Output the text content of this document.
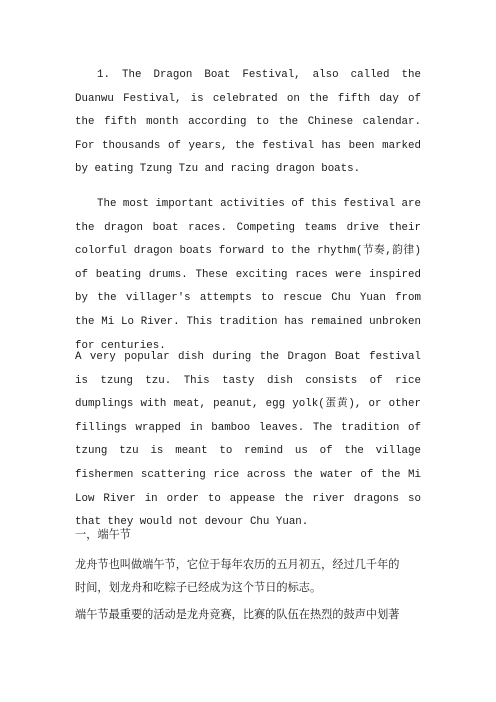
1. The Dragon Boat Festival, also called the Duanwu Festival, is celebrated on the fifth day of the fifth month according to the Chinese calendar. For thousands of years, the festival has been marked by eating Tzung Tzu and racing dragon boats.

The most important activities of this festival are the dragon boat races. Competing teams drive their colorful dragon boats forward to the rhythm(节奏,韵律) of beating drums. These exciting races were inspired by the villager's attempts to rescue Chu Yuan from the Mi Lo River. This tradition has remained unbroken for centuries.

A very popular dish during the Dragon Boat festival is tzung tzu. This tasty dish consists of rice dumplings with meat, peanut, egg yolk(蛋黄), or other fillings wrapped in bamboo leaves. The tradition of tzung tzu is meant to remind us of the village fishermen scattering rice across the water of the Mi Low River in order to appease the river dragons so that they would not devour Chu Yuan.

一，端午节
龙舟节也叫做端午节，它位于每年农历的五月初五，经过几千年的
时间，划龙舟和吃粽子已经成为这个节日的标志。
端午节最重要的活动是龙舟竞赛，比赛的队伍在热烈的鼓声中划著
